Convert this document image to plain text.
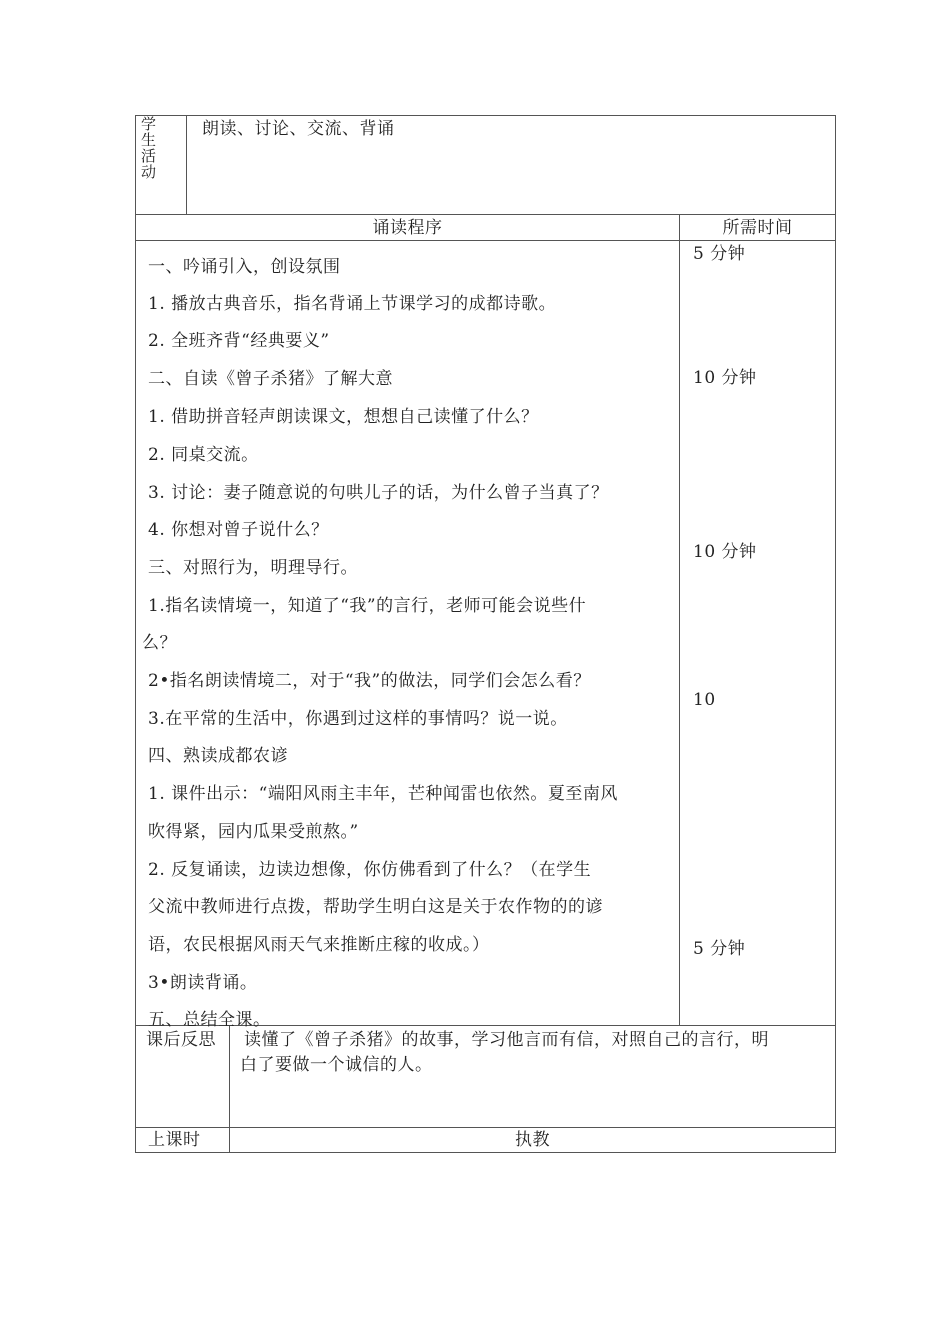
学生活动
朗读、讨论、交流、背诵
诵读程序	所需时间
一、吟诵引入，创设氛围
1. 播放古典音乐，指名背诵上节课学习的成都诗歌。
2. 全班齐背“经典要义”
二、自读《曾子杀猪》了解大意
1. 借助拼音轻声朗读课文，想想自己读懂了什么？
2. 同桌交流。
3. 讨论：妻子随意说的句哄儿子的话，为什么曾子当真了？
4. 你想对曾子说什么？
三、对照行为，明理导行。
1.指名读情境一，知道了“我”的言行，老师可能会说些什
么？
2•指名朗读情境二，对于“我”的做法，同学们会怎么看？
3.在平常的生活中，你遇到过这样的事情吗？说一说。
四、熟读成都农谚
1. 课件出示：“端阳风雨主丰年，芒种闻雷也依然。夏至南风
吹得紧，园内瓜果受煎熬。”
2. 反复诵读，边读边想像，你仿佛看到了什么？（在学生
父流中教师进行点拨，帮助学生明白这是关于农作物的的谚
语，农民根据风雨天气来推断庄稼的收成。）
3•朗读背诵。
五、总结全课。
5 分钟
10 分钟
10 分钟
10
5 分钟
课后反思 读懂了《曾子杀猪》的故事，学习他言而有信，对照自己的言行，明
白了要做一个诚信的人。
上课时	执教
